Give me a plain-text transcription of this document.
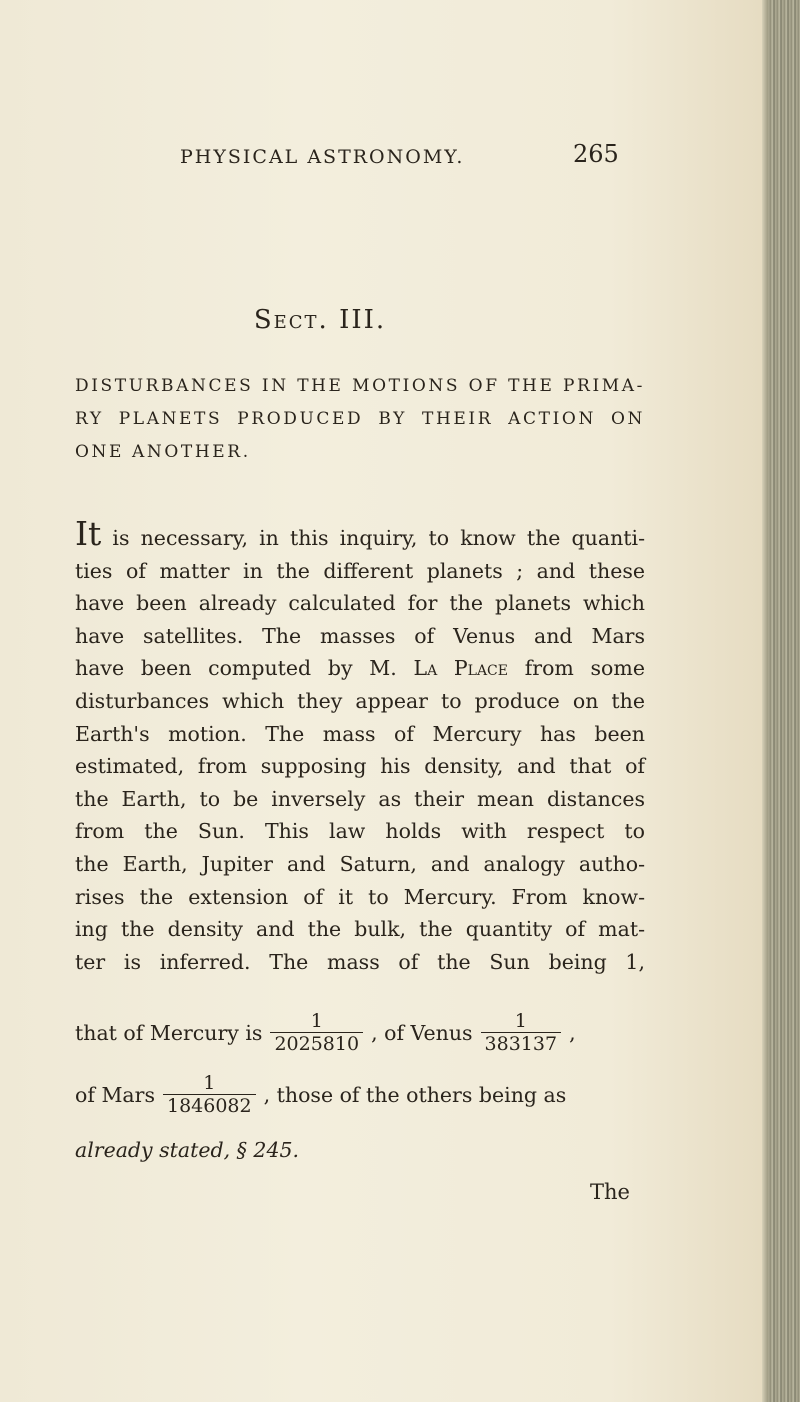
PHYSICAL ASTRONOMY.	265
Sect. III.
DISTURBANCES IN THE MOTIONS OF THE PRIMA-
RY PLANETS PRODUCED BY THEIR ACTION ON
ONE ANOTHER.
It is necessary, in this inquiry, to know the quanti-
ties of matter in the different planets ; and these
have been already calculated for the planets which
have satellites. The masses of Venus and Mars
have been computed by M. La Place from some
disturbances which they appear to produce on the
Earth's motion. The mass of Mercury has been
estimated, from supposing his density, and that of
the Earth, to be inversely as their mean distances
from the Sun. This law holds with respect to
the Earth, Jupiter and Saturn, and analogy autho-
rises the extension of it to Mercury. From know-
ing the density and the bulk, the quantity of mat-
ter is inferred. The mass of the Sun being 1,
that of Mercury is $\frac{1}{2025810}$ , of Venus $\frac{1}{383137}$ ,
of Mars $\frac{1}{1846082}$ , those of the others being as
already stated, § 245.
The
